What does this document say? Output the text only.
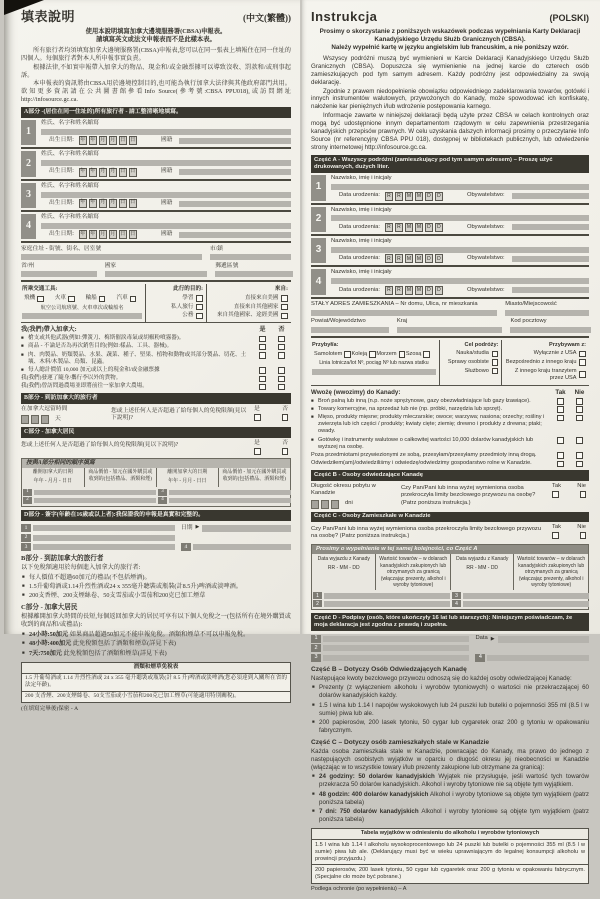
填表說明	(中文(繁體))
使用本說明填寫加拿大邊境服務署(CBSA)申報表。
請填寫英文或法文申報表而不是此樣本表。
所有旅行者均須填寫加拿大邊境服務署(CBSA)申報表,您可以在同一張表上填報住在同一住址的四個人。每個旅行者對本人所申報事實負責。
根據法律,不如實申報帶入加拿大的物品、現金和/或金融票據可以導致沒收、罰款和/或刑事起訴。
本申報表的資訊將由CBSA用於邊境控制目的,也可能為執行加拿大法律與其他政府部門共用。欲知更多資訊請在公共圖書館參看Info Source(參考號:CBSA PPU018),或訪問網址 http://infosource.gc.ca.
A部分 -(居住在同一住址的)所有旅行者 - 請工整清晰地填寫。
1
姓氏、名字和姓名縮寫
出生日期: 年 年 月 月 日 日	國籍
2
姓氏、名字和姓名縮寫
出生日期: 年 年 月 月 日 日	國籍
3
姓氏、名字和姓名縮寫
出生日期: 年 年 月 月 日 日	國籍
4
姓氏、名字和姓名縮寫
出生日期: 年 年 月 月 日 日	國籍
家庭住址 - 街號、街名、居室號	市/鎮
省/州	國家	郵遞區號
所乘交通工具:
飛機	火車	輪船	汽車
航空公司航班號、火車車次或輪船名
此行的目的:
學習
私人旅行
公務
來自:
直接來自美國
直接來自其他國家
來自其他國家、途經美國
我(我們)帶入加拿大:	是	否
■ 槍支或其他武器(例如:彈簧刀、梅斯催淚毒氣或胡椒粉噴霧器)。
■ 商品 - 不論是否為再次銷售目的(例如:樣品、工具、器械)。
■ 肉、肉製品、奶類製品、水果、蔬菜、種子、堅果、植物和動物或其部分製品、切花、土壤、木料/木製品、鳥類、昆蟲。
■ 每人總計價值 10,000 加元或以上的現金和/或金融票據
我(我們)發運了隨身/攜行李以外的貨物。
我(我們)曾訪問過農場並即將前往一家加拿大農場。
B部分 - 到訪加拿大的旅行者
在加拿大逗留時間
天
您或上述任何人是否超過了給每個人的免稅限額(見以下說明)?
是	否
C部分 - 加拿大居民
您或上述任何人是否超過了給每個人的免稅限額(見以下說明)?	是	否
按與A部分相同的順序填寫
離開加拿大的日期
年年 - 月月 - 日日
商品價值 - 加元在國外購買或收到的(包括禮品、酒類和煙)
離開加拿大的日期
年年 - 月月 - 日日
商品價值 - 加元在國外購買或收到的(包括禮品、酒類和煙)
1
2
3
4
D部分 - 簽字(年齡在16歲或以上者):我保證我的申報是真實和完整的。
1
2
3
日期 ▶
4
B部分 - 到訪加拿大的旅行者
以下免稅額適用於每個進入加拿大的旅行者:
■ 每人價值不超過60加元的禮品(不包括煙酒)。
■ 1.5升葡萄酒或1.14升烈性酒或24 x 355毫升聽裝或瓶裝(計8.5升)啤酒或淡啤酒。
■ 200支香煙、200支煙絲卷、50支雪茄或小雪茄和200克已加工煙草
C部分 - 加拿大居民
根據離開加拿大時間的長短,每個返回加拿大的居民可享有以下個人免稅之一(包括所有在境外購買或收到的商品和/或禮品):
■ 24小時:50加元 如果商品超過50加元不能申報免稅。酒類和煙草不可以申報免稅。
■ 48小時:400加元 此免稅額包括了酒類和煙草(詳見下表)
■ 7天:750加元 此免稅額包括了酒類和煙草(詳見下表)
酒類和煙草免稅表
1.5 升葡萄酒或 1.14 升烈性酒或 24 x 355 毫升聽裝或瓶裝(計 8.5 升)啤酒或淡啤酒(您必須達到入關所在省的法定年齡)。
200 支香煙、200支煙絲卷、50支雪茄或小雪茄和200克已加工煙草(可能適用特別關稅)。
(在填寫完畢後)保密 - A
Instrukcja	(POLSKI)
Prosimy o skorzystanie z poniższych wskazówek podczas wypełniania Karty Deklaracji Kanadyjskiego Urzędu Służb Granicznych (CBSA).
Należy wypełnić kartę w języku angielskim lub francuskim, a nie poniższy wzór.
Wszyscy podróżni muszą być wymienieni w Karcie Deklaracji Kanadyjskiego Urzędu Służb Granicznych (CBSA). Dopuszcza się wymienienie na jednej karcie do czterech osób zamieszkujących pod tym samym adresem. Każdy podróżny jest odpowiedzialny za swoją deklarację.
Zgodnie z prawem niedopełnienie obowiązku odpowiedniego zadeklarowania towarów, gotówki i innych instrumentów walutowych, przywożonych do Kanady, może spowodować ich konfiskatę, nałożenie kar pieniężnych i/lub wdrożenie postępowania karnego.
Informacje zawarte w niniejszej deklaracji będą użyte przez CBSA w celach kontrolnych oraz mogą być udostępnione innym departamentom rządowym w celu zapewnienia przestrzegania kanadyjskich przepisów prawnych. W celu uzyskania dalszych informacji prosimy o przeczytanie Info Source (nr referencyjny CBSA PPU 018), dostępnej w bibliotekach publicznych, lub odwiedzenie strony internetowej http://infosource.gc.ca.
Część A - Wszyscy podróżni (zamieszkujący pod tym samym adresem) – Proszę użyć drukowanych, dużych liter.
1
Nazwisko, imię i inicjały
Data urodzenia:	R	R	M	M	D	D	Obywatelstwo:
2
Nazwisko, imię i inicjały
Data urodzenia:	R	R	M	M	D	D	Obywatelstwo:
3
Nazwisko, imię i inicjały
Data urodzenia:	R	R	M	M	D	D	Obywatelstwo:
4
Nazwisko, imię i inicjały
Data urodzenia:	R	R	M	M	D	D	Obywatelstwo:
STAŁY ADRES ZAMIESZKANIA – Nr domu, Ulica, nr mieszkania	Miasto/Miejscowość
Powiat/Województwo	Kraj	Kod pocztowy
Przybył/a:
Samolotem Koleją Morzem Szosą
Linia lotnicza/lot Nº, pociąg Nº lub nazwa statku
Cel podróży:
Nauka/studia
Sprawy osobiste
Służbowo
Przybywam z:
Wyłącznie z USA
Bezpośrednio z innego kraju
Z innego kraju tranzytem przez USA
Wwożę (wwozimy) do Kanady:	Tak	Nie
■ Broń palną lub inną (n.p. noże sprężynowe, gazy obezwładniające lub gazy łzawiące).
■ Towary komercyjne, na sprzedaż lub nie (np. próbki, narzędzia lub sprzęt).
■ Mięso, produkty mięsne; produkty mleczarskie; owoce; warzywa; nasiona; orzechy; rośliny i zwierzęta lub ich części / produkty; kwiaty cięte; ziemię; drewno i produkty z drewna; ptaki; owady.
■ Gotówkę i instrumenty walutowe o całkowitej wartości 10,000 dolarów kanadyjskich lub wyższej na osobę.
Poza przedmiotami przywiezionymi ze sobą, przesyłam/przesyłamy przedmioty inną drogą.
Odwiedziłem(am)/odwiedziliśmy i odwiedzę/odwiedzimy gospodarstwo rolne w Kanadzie.
Część B - Osoby odwiedzające Kanadę
Długość okresu pobytu w Kanadzie
dni
Czy Pan/Pani lub inna wyżej wymieniona osoba przekroczyła limity bezcłowego przywozu na osobę? (Patrz poniższa instrukcja.)
Tak	Nie
Część C - Osoby Zamieszkałe w Kanadzie
Czy Pan/Pani lub inna wyżej wymieniona osoba przekroczyła limity bezcłowego przywozu na osobę? (Patrz poniższa instrukcja.)
Tak	Nie
Prosimy o wypełnienie w tej samej kolejności, co Część A
Data wyjazdu z Kanady
RR - MM - DD
Wartość towarów – w dolarach kanadyjskich zakupionych lub otrzymanych za granicą (włączając prezenty, alkohol i wyroby tytoniowe)
Data wyjazdu z Kanady
RR - MM - DD
Wartość towarów – w dolarach kanadyjskich zakupionych lub otrzymanych za granicą (włączając prezenty, alkohol i wyroby tytoniowe)
1
2
3
4
Część D - Podpisy (osób, które ukończyły 16 lat lub starszych): Niniejszym poświadczam, że moja deklaracja jest zgodna z prawdą i zupełna.
1
2
3
Data ▶
4
Część B – Dotyczy Osób Odwiedzających Kanadę
Następujące kwoty bezcłowego przywozu odnoszą się do każdej osoby odwiedzającej Kanadę:
■ Prezenty (z wyłączeniem alkoholu i wyrobów tytoniowych) o wartości nie przekraczającej 60 dolarów kanadyjskich każdy.
■ 1.5 l wina lub 1.14 l napojów wyskokowych lub 24 puszki lub butelki o pojemności 355 ml (8.5 l w sumie) piwa lub ale.
■ 200 papierosów, 200 lasek tytoniu, 50 cygar lub cygaretek oraz 200 g tytoniu w opakowaniu fabrycznym.
Część C – Dotyczy osób zamieszkałych stale w Kanadzie
Każda osoba zamieszkała stale w Kanadzie, powracając do Kanady, ma prawo do jednego z następujących osobistych wyjątków w oparciu o długość okresu jej nieobecności w Kanadzie (włączając w to wszystkie towary i/lub prezenty zakupione lub otrzymane za granicą):
■ 24 godziny: 50 dolarów kanadyjskich Wyjątek nie przysługuje, jeśli wartość tych towarów przekracza 50 dolarów kanadyjskich. Alkohol i wyroby tytoniowe nie są objęte tym wyjątkiem.
■ 48 godzin: 400 dolarów kanadyjskich Alkohol i wyroby tytoniowe są objęte tym wyjątkiem (patrz poniższa tabela)
■ 7 dni: 750 dolarów kanadyjskich Alkohol i wyroby tytoniowe są objęte tym wyjątkiem (patrz poniższa tabela)
Tabela wyjątków w odniesieniu do alkoholu i wyrobów tytoniowych
1.5 l wina lub 1.14 l alkoholu wysokoprocentowego lub 24 puszki lub butelki o pojemności 355 ml (8.5 l w sumie) piwa lub ale. (Deklarujący musi być w wieku uprawniającym do legalnej konsumpcji alkoholu w prowincji przyjazdu.)
200 papierosów, 200 lasek tytoniu, 50 cygar lub cygaretek oraz 200 g tytoniu w opakowaniu fabrycznym. (Specjalne cło może być pobrane.)
Podlega ochronie (po wypełnieniu) – A
